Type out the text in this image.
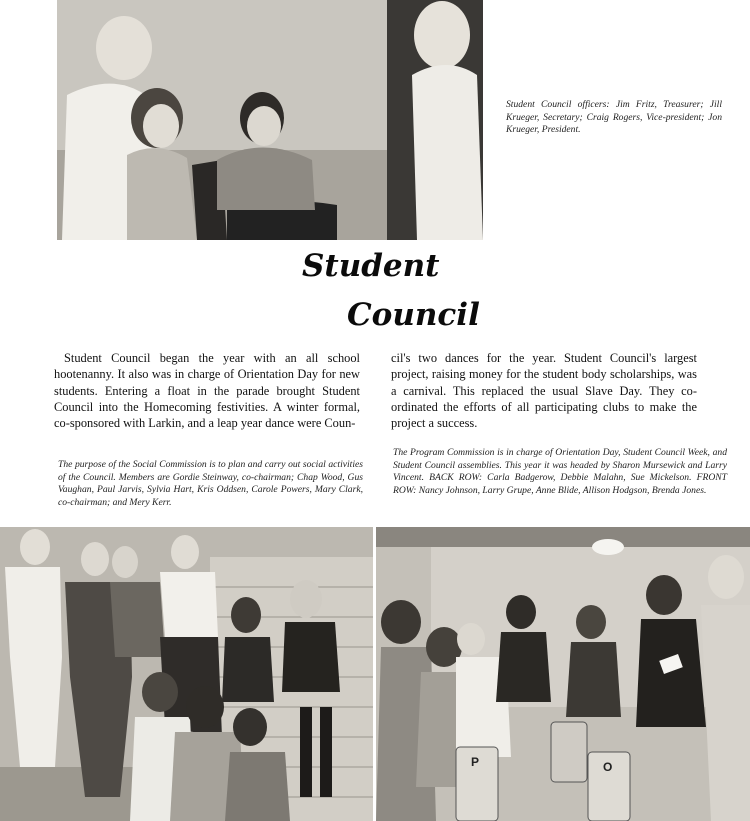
Student Council officers: Jim Fritz, Treasurer; Jill Krueger, Secretary; Craig Rogers, Vice-president; Jon Krueger, President.
Student
Council
Student Council began the year with an all school hootenanny. It also was in charge of Orientation Day for new students. Entering a float in the parade brought Student Council into the Homecoming festivities. A winter formal, co-sponsored with Larkin, and a leap year dance were Coun-
cil's two dances for the year. Student Council's largest project, raising money for the student body scholarships, was a carnival. This replaced the usual Slave Day. They co-ordinated the efforts of all participating clubs to make the project a success.
The Program Commission is in charge of Orientation Day, Student Council Week, and Student Council assemblies. This year it was headed by Sharon Mursewick and Larry Vincent. BACK ROW: Carla Badgerow, Debbie Malahn, Sue Mickelson. FRONT ROW: Nancy Johnson, Larry Grupe, Anne Blide, Allison Hodgson, Brenda Jones.
The purpose of the Social Commission is to plan and carry out social activities of the Council. Members are Gordie Steinway, co-chairman; Chap Wood, Gus Vaughan, Paul Jarvis, Sylvia Hart, Kris Oddsen, Carole Powers, Mary Clark, co-chairman; and Mery Kerr.
P	O
